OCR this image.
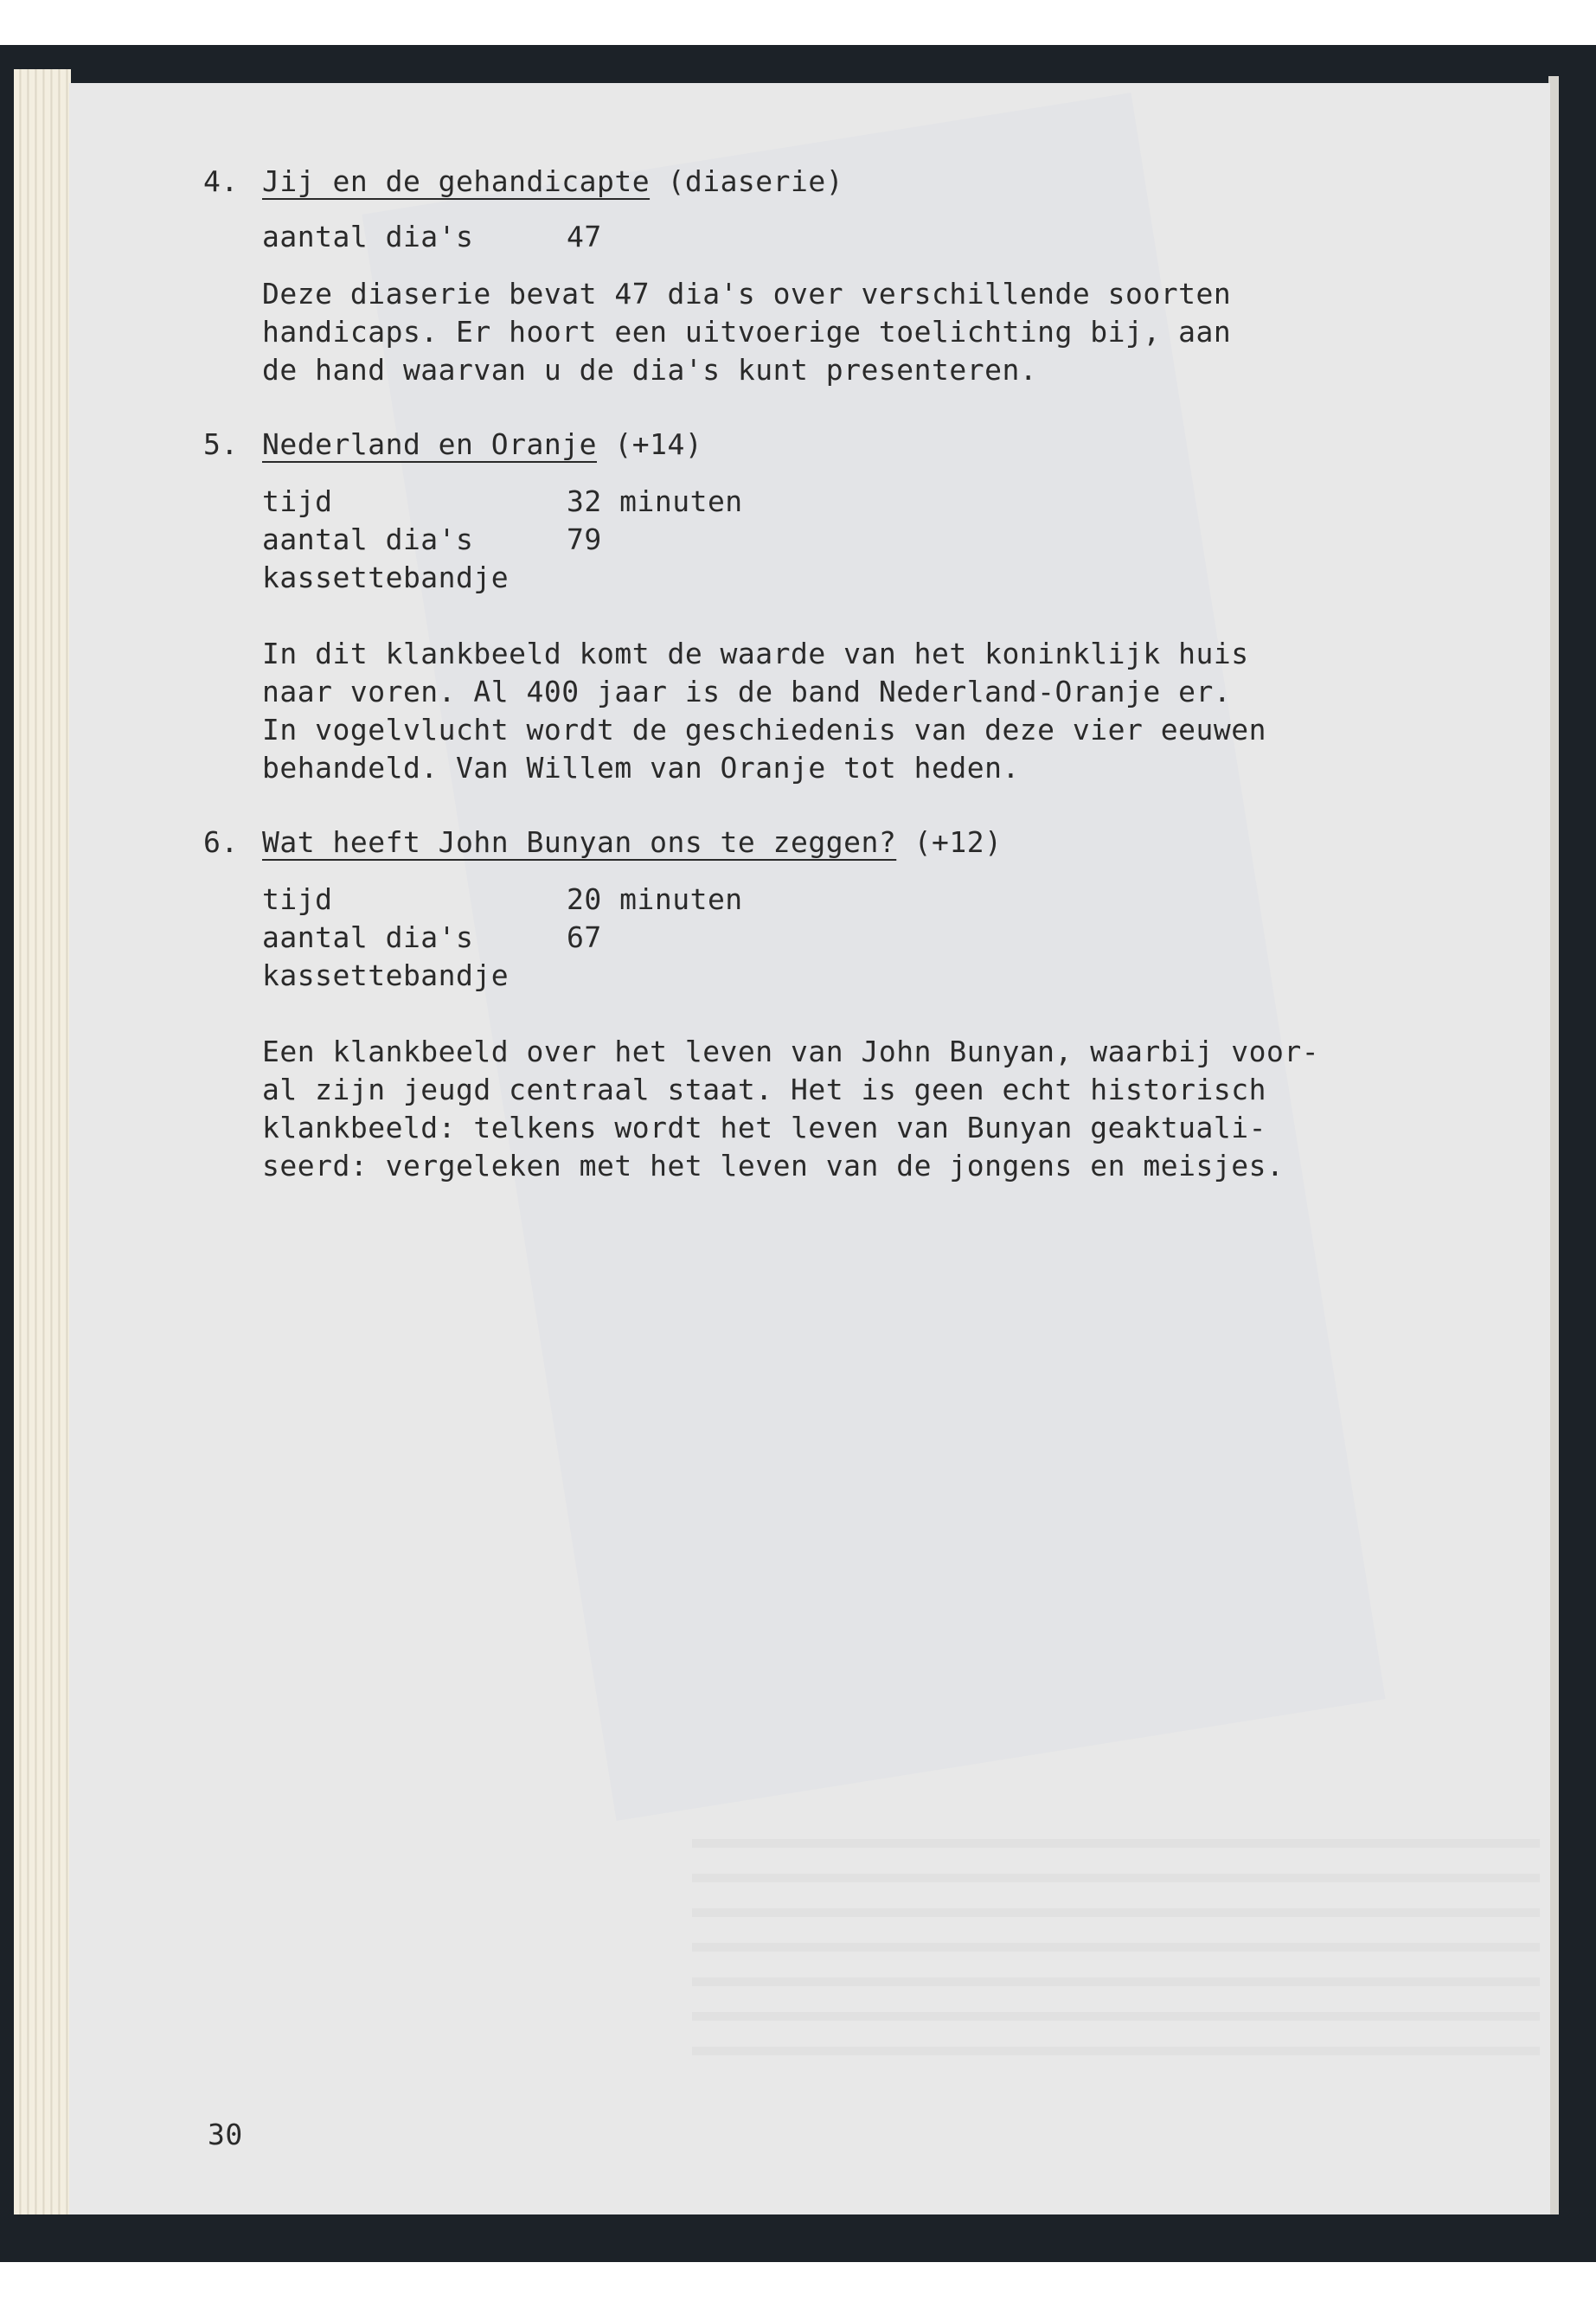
4. Jij en de gehandicapte (diaserie)
aantal dia's	47
Deze diaserie bevat 47 dia's over verschillende soorten
handicaps. Er hoort een uitvoerige toelichting bij, aan
de hand waarvan u de dia's kunt presenteren.
5. Nederland en Oranje (+14)
tijd	32 minuten
aantal dia's	79
kassettebandje
In dit klankbeeld komt de waarde van het koninklijk huis
naar voren. Al 400 jaar is de band Nederland-Oranje er.
In vogelvlucht wordt de geschiedenis van deze vier eeuwen
behandeld. Van Willem van Oranje tot heden.
6. Wat heeft John Bunyan ons te zeggen? (+12)
tijd	20 minuten
aantal dia's	67
kassettebandje
Een klankbeeld over het leven van John Bunyan, waarbij voor-
al zijn jeugd centraal staat. Het is geen echt historisch
klankbeeld: telkens wordt het leven van Bunyan geaktuali-
seerd: vergeleken met het leven van de jongens en meisjes.
30
